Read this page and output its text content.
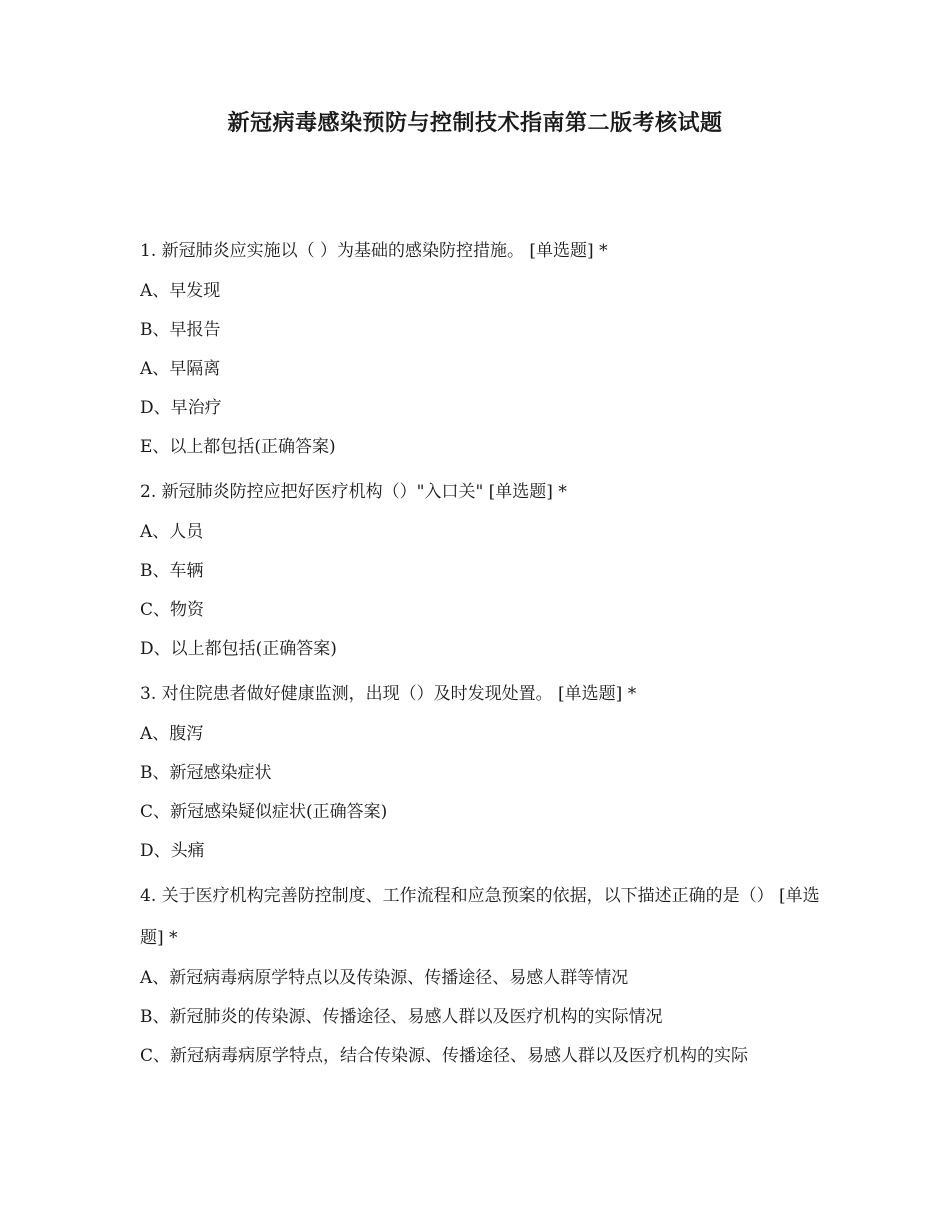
新冠病毒感染预防与控制技术指南第二版考核试题
1. 新冠肺炎应实施以（ ）为基础的感染防控措施。 [单选题] *
A、早发现
B、早报告
A、早隔离
D、早治疗
E、以上都包括(正确答案)
2. 新冠肺炎防控应把好医疗机构（）"入口关" [单选题] *
A、人员
B、车辆
C、物资
D、以上都包括(正确答案)
3. 对住院患者做好健康监测，出现（）及时发现处置。 [单选题] *
A、腹泻
B、新冠感染症状
C、新冠感染疑似症状(正确答案)
D、头痛
4. 关于医疗机构完善防控制度、工作流程和应急预案的依据，以下描述正确的是（） [单选题] *
A、新冠病毒病原学特点以及传染源、传播途径、易感人群等情况
B、新冠肺炎的传染源、传播途径、易感人群以及医疗机构的实际情况
C、新冠病毒病原学特点，结合传染源、传播途径、易感人群以及医疗机构的实际
